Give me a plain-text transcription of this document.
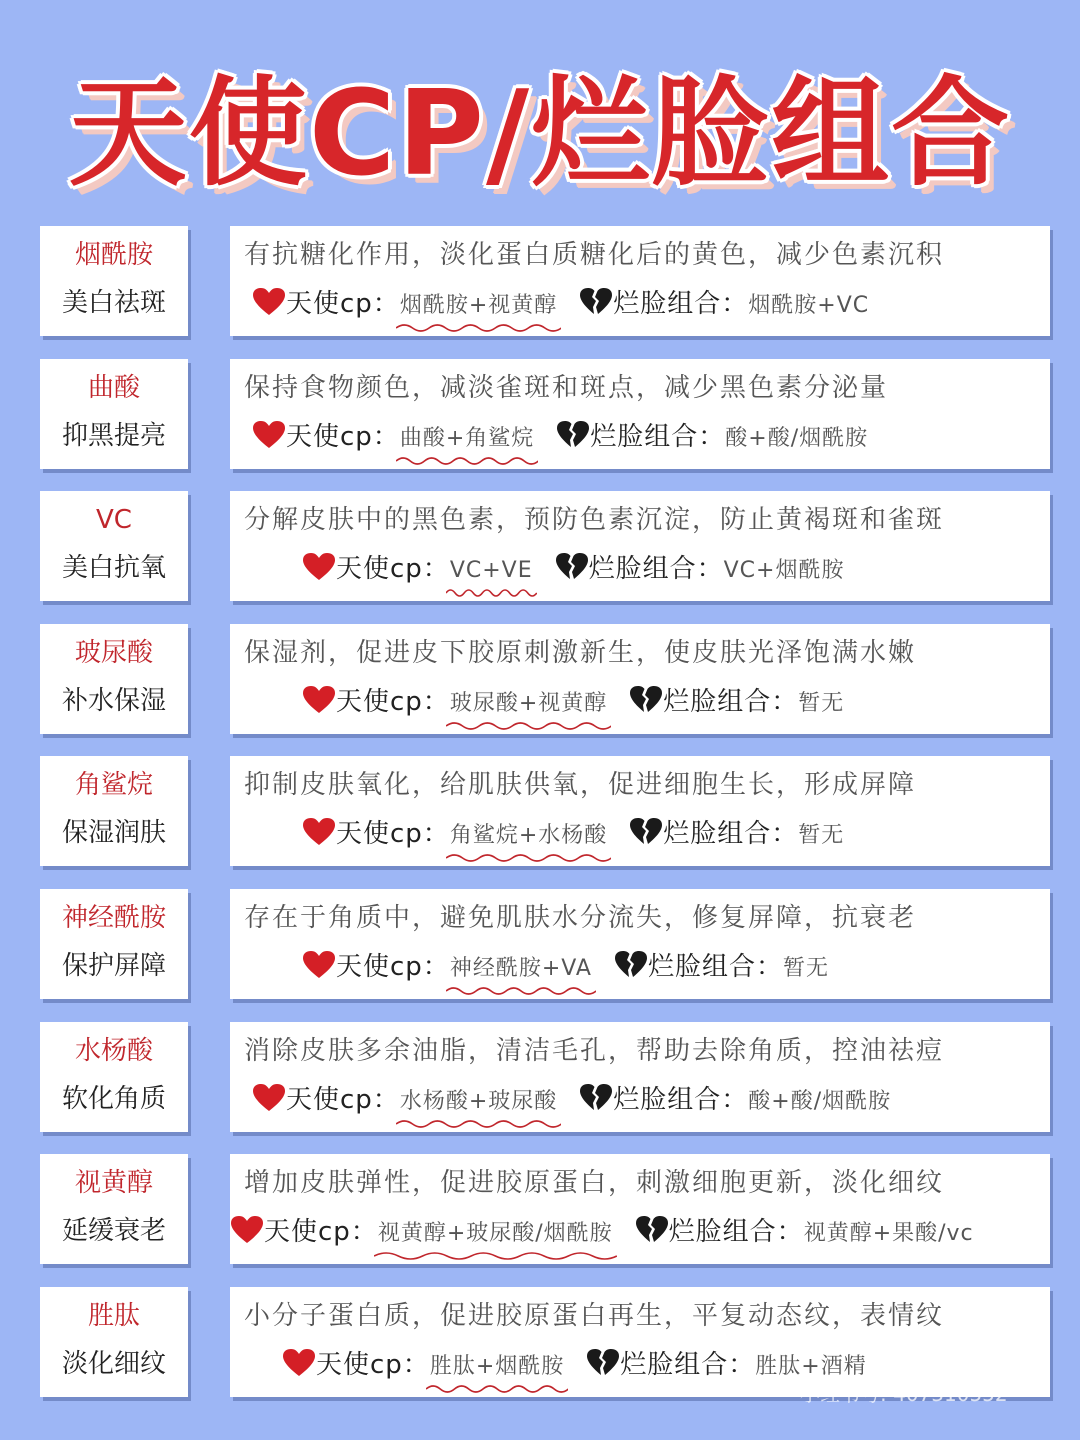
天使CP/烂脸组合
烟酰胺
美白祛斑
有抗糖化作用，淡化蛋白质糖化后的黄色，减少色素沉积
天使cp：烟酰胺+视黄醇 烂脸组合：烟酰胺+VC
曲酸
抑黑提亮
保持食物颜色，减淡雀斑和斑点，减少黑色素分泌量
天使cp：曲酸+角鲨烷 烂脸组合：酸+酸/烟酰胺
VC
美白抗氧
分解皮肤中的黑色素，预防色素沉淀，防止黄褐斑和雀斑
天使cp：VC+VE 烂脸组合：VC+烟酰胺
玻尿酸
补水保湿
保湿剂，促进皮下胶原刺激新生，使皮肤光泽饱满水嫩
天使cp：玻尿酸+视黄醇 烂脸组合：暂无
角鲨烷
保湿润肤
抑制皮肤氧化，给肌肤供氧，促进细胞生长，形成屏障
天使cp：角鲨烷+水杨酸 烂脸组合：暂无
神经酰胺
保护屏障
存在于角质中，避免肌肤水分流失，修复屏障，抗衰老
天使cp：神经酰胺+VA 烂脸组合：暂无
水杨酸
软化角质
消除皮肤多余油脂，清洁毛孔，帮助去除角质，控油祛痘
天使cp：水杨酸+玻尿酸 烂脸组合：酸+酸/烟酰胺
视黄醇
延缓衰老
增加皮肤弹性，促进胶原蛋白，刺激细胞更新，淡化细纹
天使cp：视黄醇+玻尿酸/烟酰胺 烂脸组合：视黄醇+果酸/vc
胜肽
淡化细纹
小分子蛋白质，促进胶原蛋白再生，平复动态纹，表情纹
天使cp：胜肽+烟酰胺 烂脸组合：胜肽+酒精
小红书号: 407310552
